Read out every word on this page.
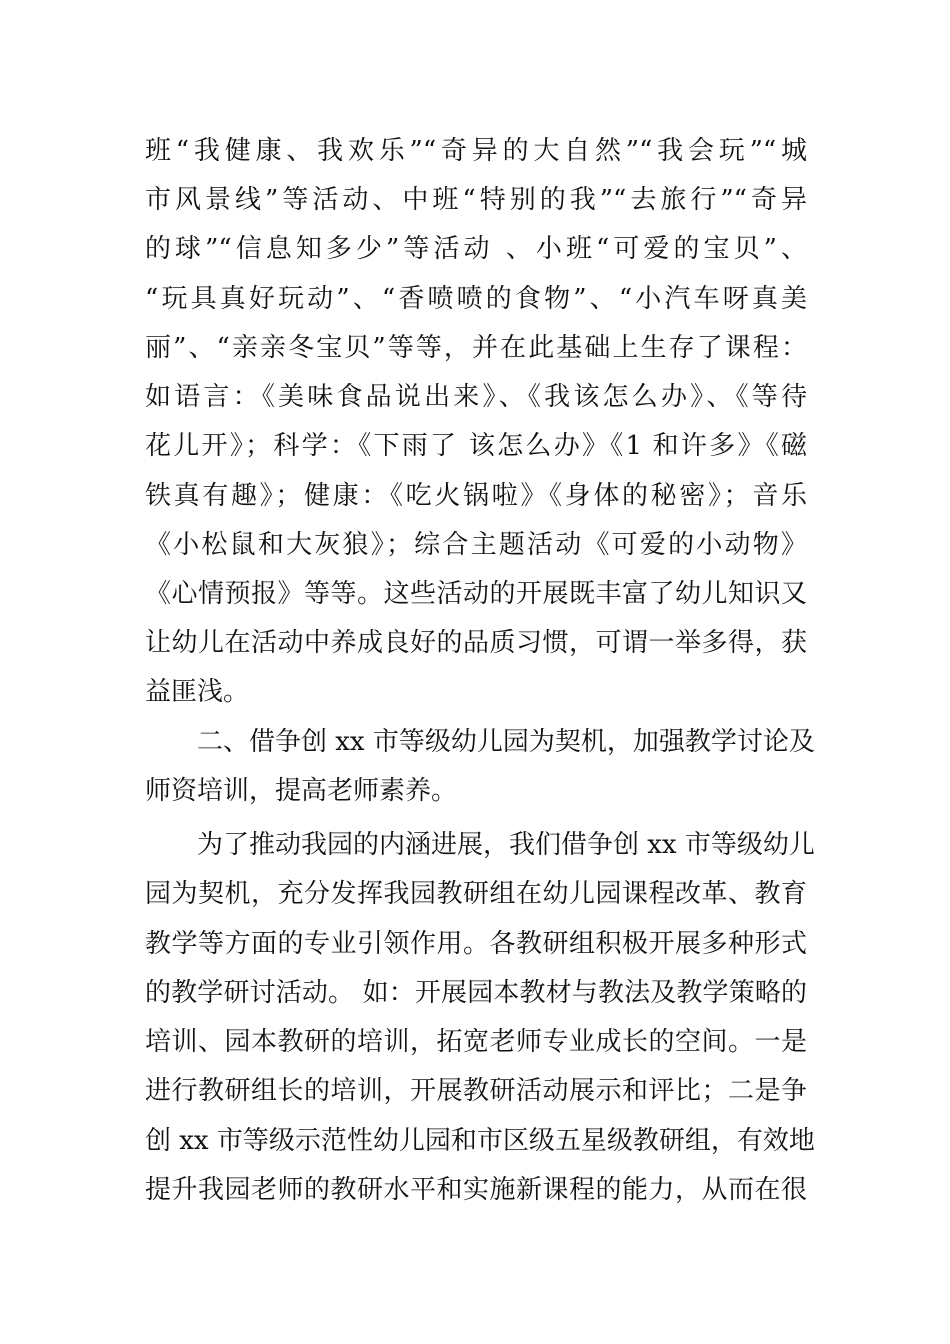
班“我健康、我欢乐”“奇异的大自然”“我会玩”“城
市风景线”等活动、中班“特别的我”“去旅行”“奇异
的球”“信息知多少”等活动 、小班“可爱的宝贝”、
“玩具真好玩动”、“香喷喷的食物”、“小汽车呀真美
丽”、“亲亲冬宝贝”等等，并在此基础上生存了课程：
如语言：《美味食品说出来》、《我该怎么办》、《等待
花儿开》；科学：《下雨了 该怎么办》《1 和许多》《磁
铁真有趣》；健康：《吃火锅啦》《身体的秘密》；音乐
《小松鼠和大灰狼》；综合主题活动《可爱的小动物》
《心情预报》等等。这些活动的开展既丰富了幼儿知识又
让幼儿在活动中养成良好的品质习惯，可谓一举多得，获
益匪浅。
二、借争创 xx 市等级幼儿园为契机，加强教学讨论及
师资培训，提高老师素养。
为了推动我园的内涵进展，我们借争创 xx 市等级幼儿
园为契机，充分发挥我园教研组在幼儿园课程改革、教育
教学等方面的专业引领作用。各教研组积极开展多种形式
的教学研讨活动。 如：开展园本教材与教法及教学策略的
培训、园本教研的培训，拓宽老师专业成长的空间。一是
进行教研组长的培训，开展教研活动展示和评比；二是争
创 xx 市等级示范性幼儿园和市区级五星级教研组，有效地
提升我园老师的教研水平和实施新课程的能力，从而在很
